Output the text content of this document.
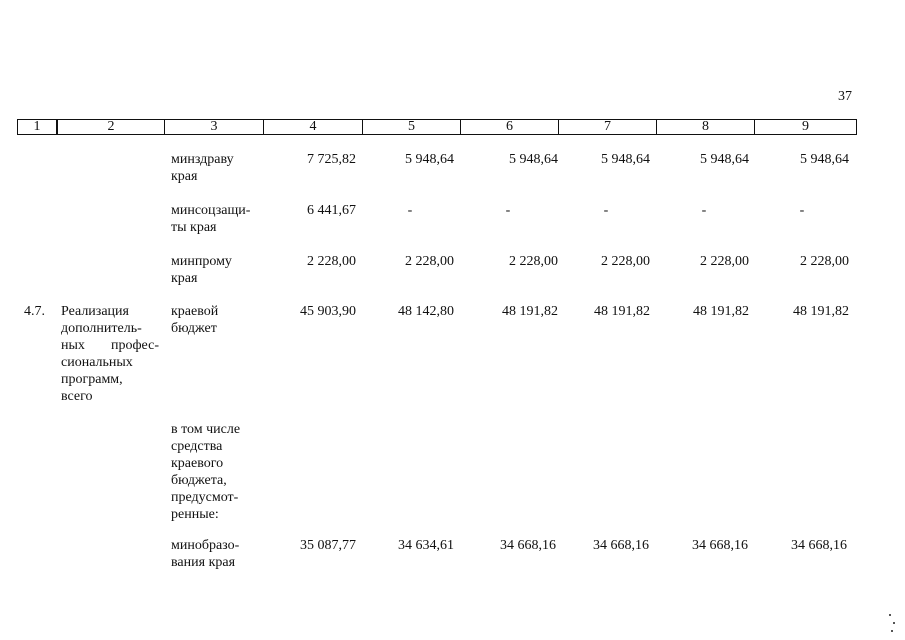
37
1	2	3	4	5	6	7	8	9
минздраву
края
7 725,82	5 948,64	5 948,64	5 948,64	5 948,64	5 948,64
минсоцзащи-
ты края
6 441,67	-	-	-	-	-
минпрому
края
2 228,00	2 228,00	2 228,00	2 228,00	2 228,00	2 228,00
4.7. Реализация
дополнитель-
ных профес-
сиональных
программ,
всего
краевой
бюджет
45 903,90	48 142,80	48 191,82	48 191,82	48 191,82	48 191,82
в том числе
средства
краевого
бюджета,
предусмот-
ренные:
минобразо-
вания края
35 087,77	34 634,61	34 668,16	34 668,16	34 668,16	34 668,16
